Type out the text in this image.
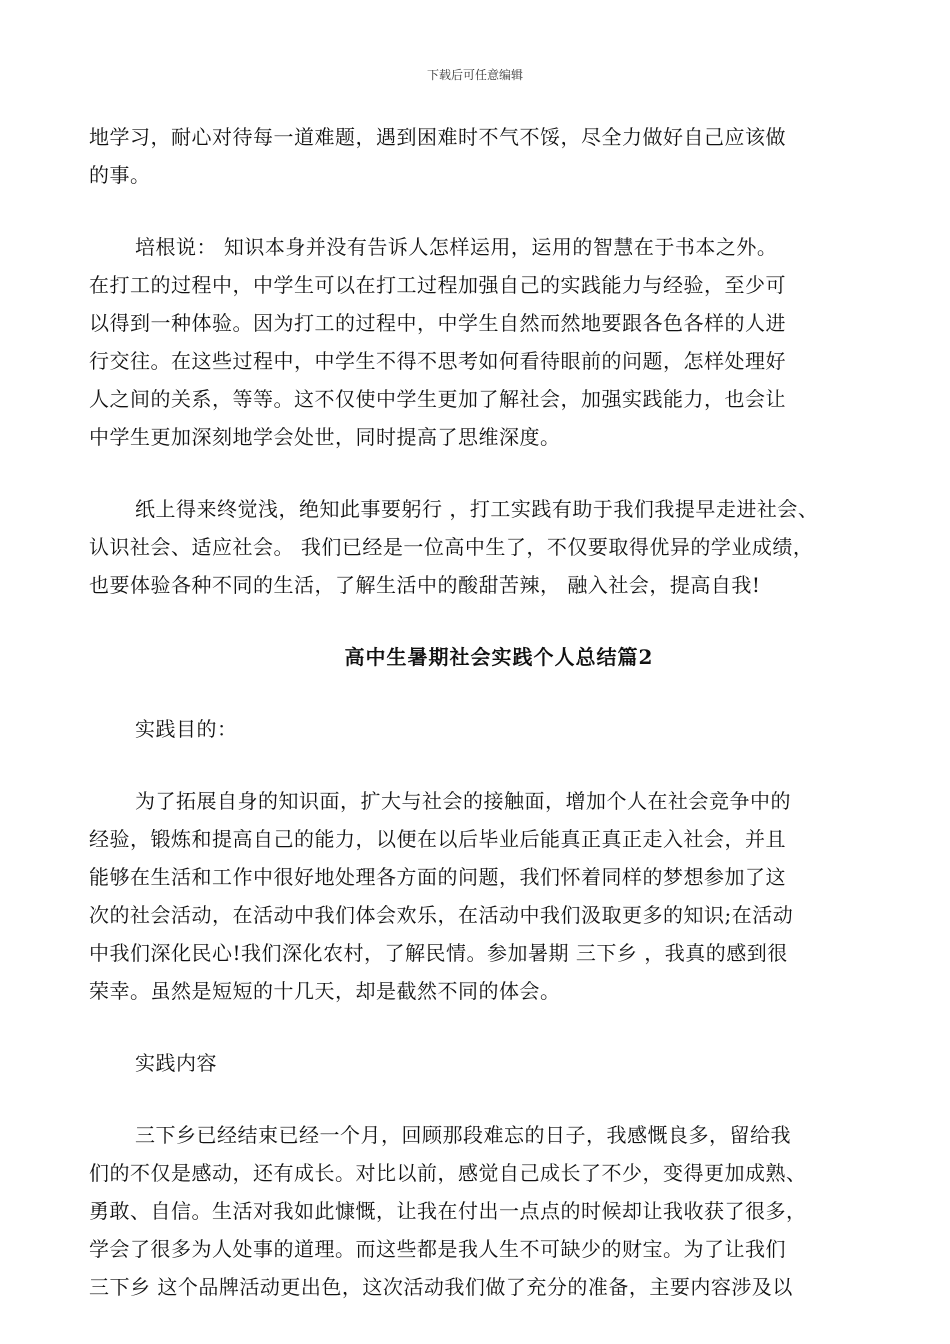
下载后可任意编辑
地学习，耐心对待每一道难题，遇到困难时不气不馁，尽全力做好自己应该做
的事。
培根说： 知识本身并没有告诉人怎样运用，运用的智慧在于书本之外。
在打工的过程中，中学生可以在打工过程加强自己的实践能力与经验，至少可
以得到一种体验。因为打工的过程中，中学生自然而然地要跟各色各样的人进
行交往。在这些过程中，中学生不得不思考如何看待眼前的问题，怎样处理好
人之间的关系，等等。这不仅使中学生更加了解社会，加强实践能力，也会让
中学生更加深刻地学会处世，同时提高了思维深度。
纸上得来终觉浅，绝知此事要躬行 ，打工实践有助于我们我提早走进社会、
认识社会、适应社会。 我们已经是一位高中生了，不仅要取得优异的学业成绩，
也要体验各种不同的生活，了解生活中的酸甜苦辣， 融入社会，提高自我!
高中生暑期社会实践个人总结篇2
实践目的：
为了拓展自身的知识面，扩大与社会的接触面，增加个人在社会竞争中的
经验，锻炼和提高自己的能力，以便在以后毕业后能真正真正走入社会，并且
能够在生活和工作中很好地处理各方面的问题，我们怀着同样的梦想参加了这
次的社会活动，在活动中我们体会欢乐，在活动中我们汲取更多的知识;在活动
中我们深化民心!我们深化农村，了解民情。参加暑期 三下乡 ，我真的感到很
荣幸。虽然是短短的十几天，却是截然不同的体会。
实践内容
三下乡已经结束已经一个月，回顾那段难忘的日子，我感慨良多，留给我
们的不仅是感动，还有成长。对比以前，感觉自己成长了不少，变得更加成熟、
勇敢、自信。生活对我如此慷慨，让我在付出一点点的时候却让我收获了很多，
学会了很多为人处事的道理。而这些都是我人生不可缺少的财宝。为了让我们
三下乡 这个品牌活动更出色，这次活动我们做了充分的准备，主要内容涉及以
